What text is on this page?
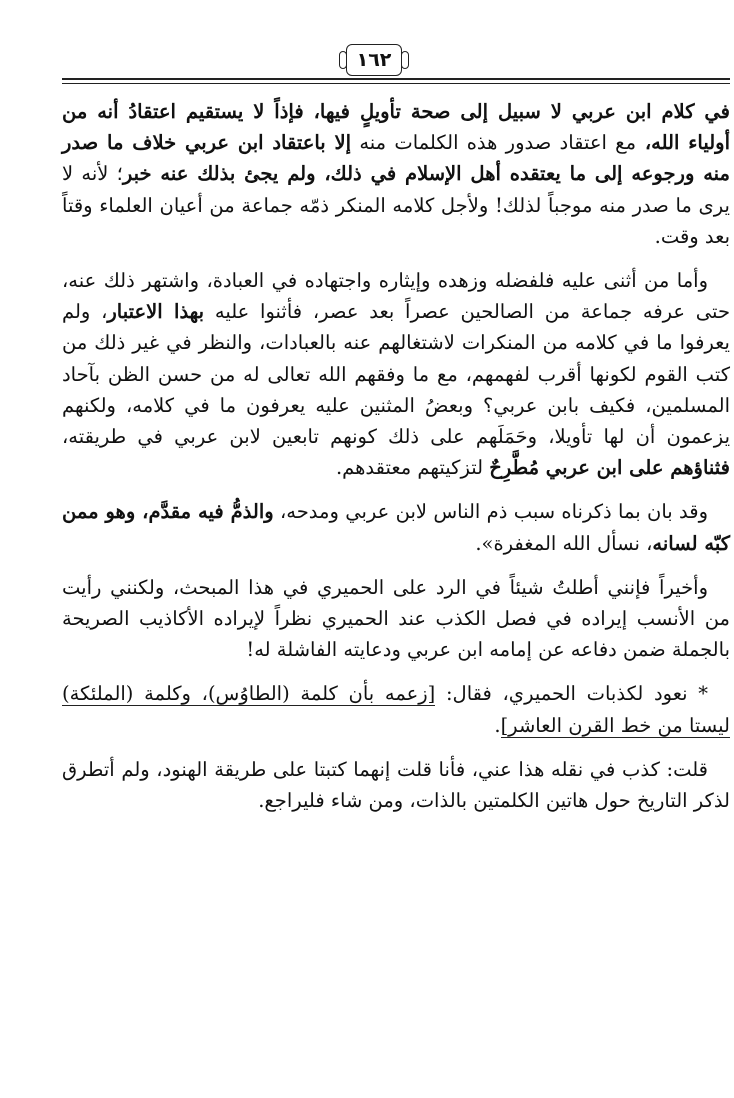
١٦٢

في كلام ابن عربي لا سبيل إلى صحة تأويلٍ فيها، فإذاً لا يستقيم اعتقادُ أنه من أولياء الله، مع اعتقاد صدور هذه الكلمات منه إلا باعتقاد ابن عربي خلاف ما صدر منه ورجوعه إلى ما يعتقده أهل الإسلام في ذلك، ولم يجئ بذلك عنه خبر؛ لأنه لا يرى ما صدر منه موجباً لذلك! ولأجل كلامه المنكر ذمّه جماعة من أعيان العلماء وقتاً بعد وقت.

وأما من أثنى عليه فلفضله وزهده وإيثاره واجتهاده في العبادة، واشتهر ذلك عنه، حتى عرفه جماعة من الصالحين عصراً بعد عصر، فأثنوا عليه بهذا الاعتبار، ولم يعرفوا ما في كلامه من المنكرات لاشتغالهم عنه بالعبادات، والنظر في غير ذلك من كتب القوم لكونها أقرب لفهمهم، مع ما وفقهم الله تعالى له من حسن الظن بآحاد المسلمين، فكيف بابن عربي؟ وبعضُ المثنين عليه يعرفون ما في كلامه، ولكنهم يزعمون أن لها تأويلا، وحَمَلَهم على ذلك كونهم تابعين لابن عربي في طريقته، فثناؤهم على ابن عربي مُطَّرِحٌ لتزكيتهم معتقدهم.

وقد بان بما ذكرناه سبب ذم الناس لابن عربي ومدحه، والذمُّ فيه مقدَّم، وهو ممن كبّه لسانه، نسأل الله المغفرة».

وأخيراً فإنني أطلتُ شيئاً في الرد على الحميري في هذا المبحث، ولكنني رأيت من الأنسب إيراده في فصل الكذب عند الحميري نظراً لإيراده الأكاذيب الصريحة بالجملة ضمن دفاعه عن إمامه ابن عربي ودعايته الفاشلة له!

* نعود لكذبات الحميري، فقال: [زعمه بأن كلمة (الطاوُس)، وكلمة (الملئكة) ليستا من خط القرن العاشر].

قلت: كذب في نقله هذا عني، فأنا قلت إنهما كتبتا على طريقة الهنود، ولم أتطرق لذكر التاريخ حول هاتين الكلمتين بالذات، ومن شاء فليراجع.
